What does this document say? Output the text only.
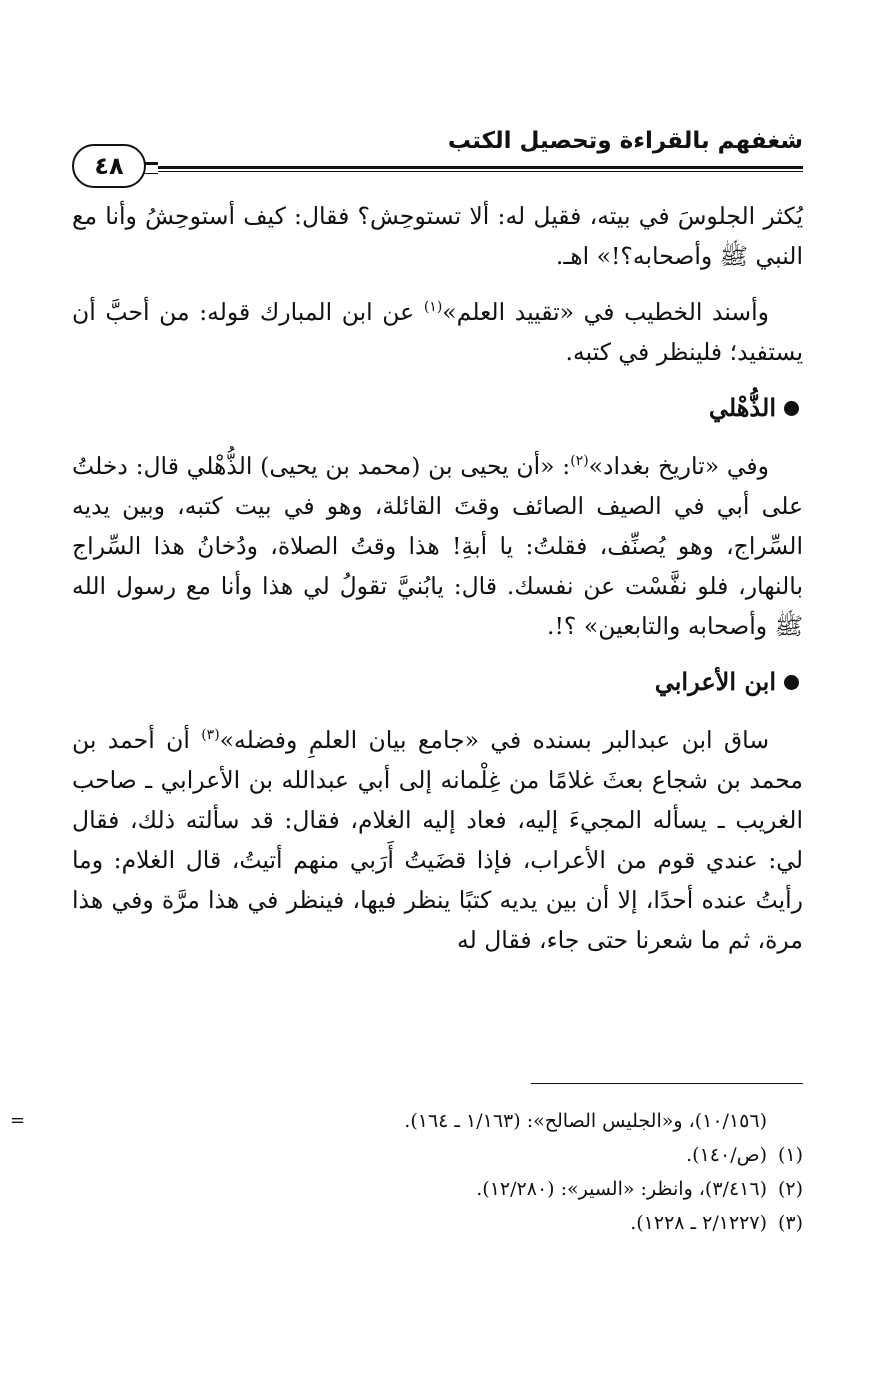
شغفهم بالقراءة وتحصيل الكتب
٤٨

يُكثر الجلوسَ في بيته، فقيل له: ألا تستوحِش؟ فقال: كيف أستوحِشُ وأنا مع النبي ﷺ وأصحابه؟!» اهـ.

وأسند الخطيب في «تقييد العلم»$^{(١)}$ عن ابن المبارك قوله: من أحبَّ أن يستفيد؛ فلينظر في كتبه.

الذُّهْلي

وفي «تاريخ بغداد»$^{(٢)}$: «أن يحيى بن (محمد بن يحيى) الذُّهْلي قال: دخلتُ على أبي في الصيف الصائف وقتَ القائلة، وهو في بيت كتبه، وبين يديه السِّراج، وهو يُصنِّف، فقلتُ: يا أبةِ! هذا وقتُ الصلاة، ودُخانُ هذا السِّراج بالنهار، فلو نفَّسْت عن نفسك. قال: يابُنيَّ تقولُ لي هذا وأنا مع رسول الله ﷺ وأصحابه والتابعين» ؟!.

ابن الأعرابي

ساق ابن عبدالبر بسنده في «جامع بيان العلمِ وفضله»$^{(٣)}$ أن أحمد بن محمد بن شجاع بعثَ غلامًا من غِلْمانه إلى أبي عبدالله بن الأعرابي ـ صاحب الغريب ـ يسأله المجيءَ إليه، فعاد إليه الغلام، فقال: قد سألته ذلك، فقال لي: عندي قوم من الأعراب، فإذا قضَيتُ أَرَبي منهم أتيتُ، قال الغلام: وما رأيتُ عنده أحدًا، إلا أن بين يديه كتبًا ينظر فيها، فينظر في هذا مرَّة وفي هذا مرة، ثم ما شعرنا حتى جاء، فقال له

=	(١٠/١٥٦)، و«الجليس الصالح»: (١/١٦٣ ـ ١٦٤).
(١)(ص/١٤٠).
(٢)(٣/٤١٦)، وانظر: «السير»: (١٢/٢٨٠).
(٣)(٢/١٢٢٧ ـ ١٢٢٨).
